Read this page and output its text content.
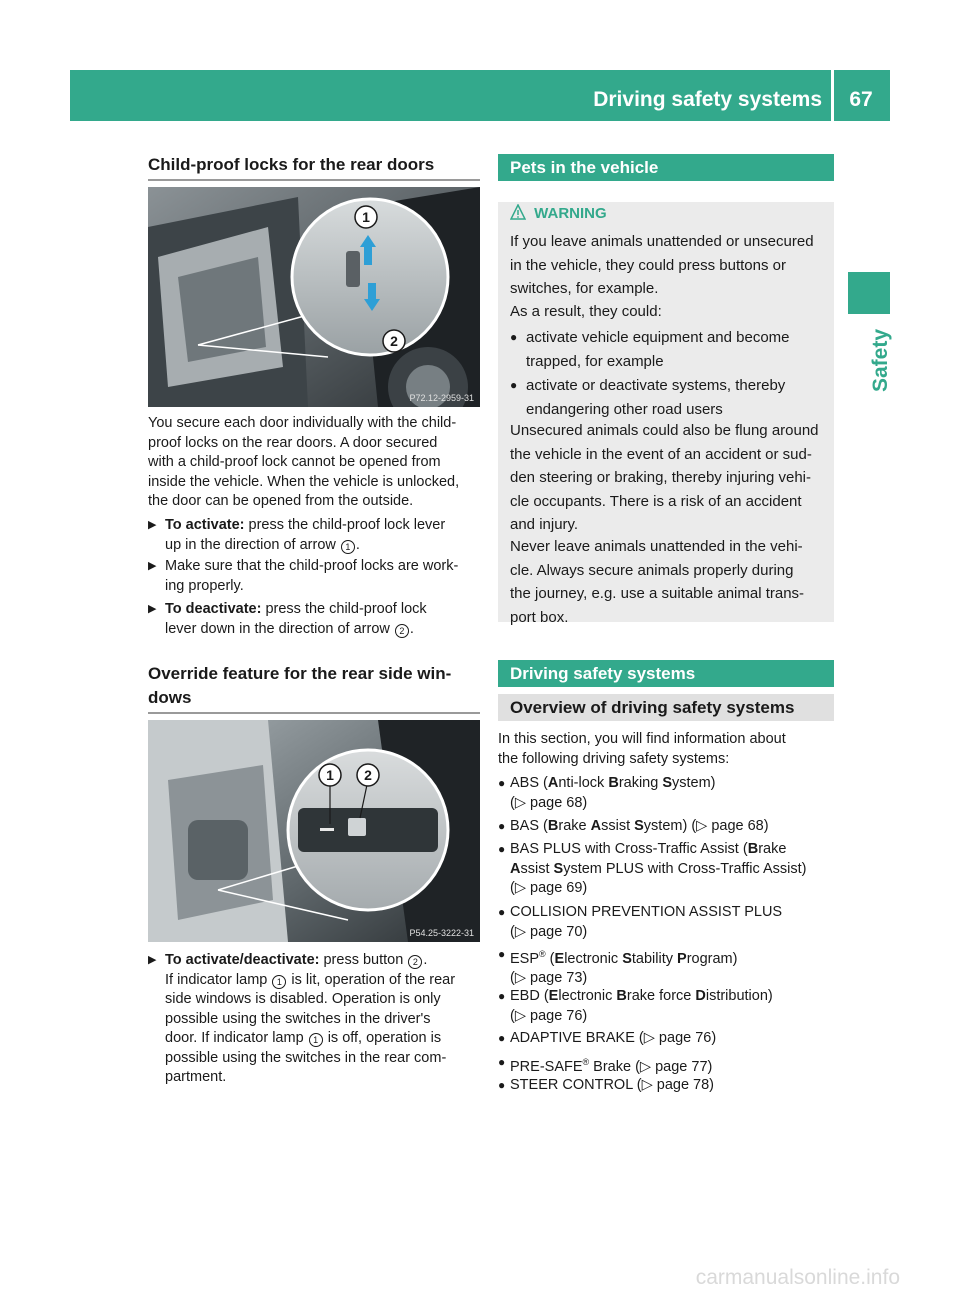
Driving safety systems	67
Safety
Child-proof locks for the rear doors
1
2
P72.12-2959-31
You secure each door individually with the child-
proof locks on the rear doors. A door secured
with a child-proof lock cannot be opened from
inside the vehicle. When the vehicle is unlocked,
the door can be opened from the outside.
▶ To activate: press the child-proof lock lever
up in the direction of arrow 1 .
▶ Make sure that the child-proof locks are work-
ing properly.
▶ To deactivate: press the child-proof lock
lever down in the direction of arrow 2 .
Override feature for the rear side win-
dows
1 2
P54.25-3222-31
▶ To activate/deactivate: press button 2 .
If indicator lamp 1 is lit, operation of the rear
side windows is disabled. Operation is only
possible using the switches in the driver's
door. If indicator lamp 1 is off, operation is
possible using the switches in the rear com-
partment.
Pets in the vehicle
WARNING
If you leave animals unattended or unsecured
in the vehicle, they could press buttons or
switches, for example.
As a result, they could:
● activate vehicle equipment and become
trapped, for example
● activate or deactivate systems, thereby
endangering other road users
Unsecured animals could also be flung around
the vehicle in the event of an accident or sud-
den steering or braking, thereby injuring vehi-
cle occupants. There is a risk of an accident
and injury.
Never leave animals unattended in the vehi-
cle. Always secure animals properly during
the journey, e.g. use a suitable animal trans-
port box.
Driving safety systems
Overview of driving safety systems
In this section, you will find information about
the following driving safety systems:
● ABS (Anti-lock Braking System)
(▷ page 68)
● BAS (Brake Assist System) (▷ page 68)
● BAS PLUS with Cross-Traffic Assist (Brake
Assist System PLUS with Cross-Traffic Assist)
(▷ page 69)
● COLLISION PREVENTION ASSIST PLUS
(▷ page 70)
● ESP® (Electronic Stability Program)
(▷ page 73)
● EBD (Electronic Brake force Distribution)
(▷ page 76)
● ADAPTIVE BRAKE (▷ page 76)
● PRE-SAFE® Brake (▷ page 77)
● STEER CONTROL (▷ page 78)
carmanualsonline.info
